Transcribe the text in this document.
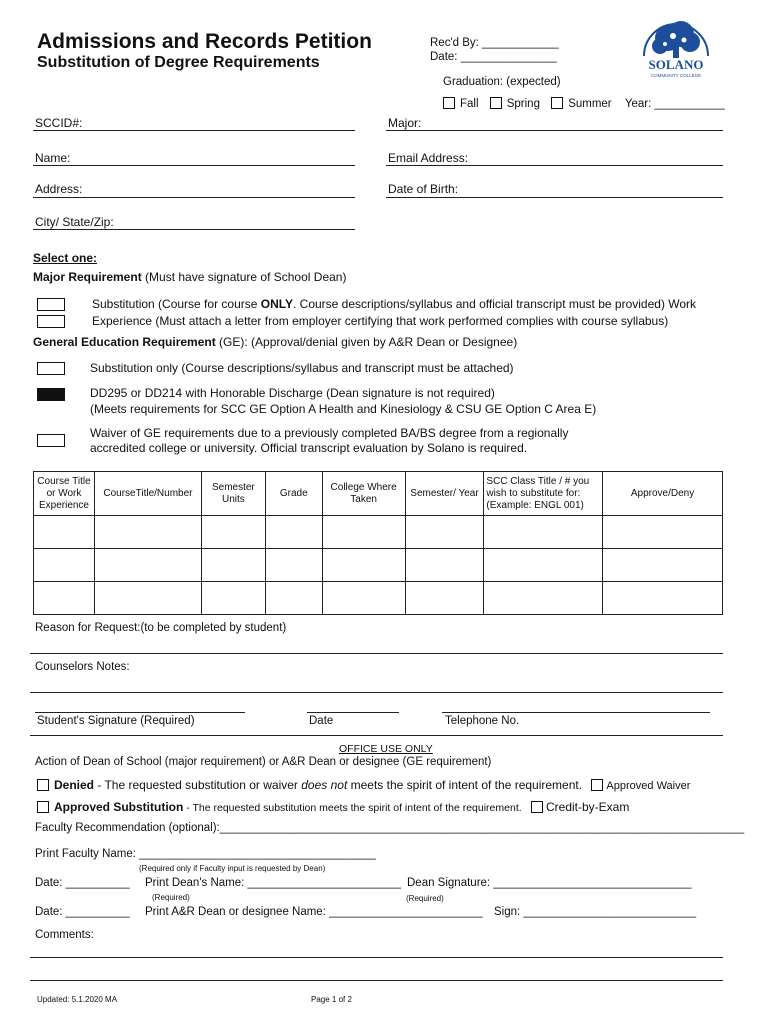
Admissions and Records Petition
Substitution of Degree Requirements
Rec'd By: ____________
Date: _______________	SOLANO
COMMUNITY COLLEGE
Graduation: (expected)
Fall Spring Summer Year: ___________
SCCID#:	Major:
Name:	Email Address:
Address:	Date of Birth:
City/ State/Zip:
Select one:
Major Requirement (Must have signature of School Dean)
Substitution (Course for course ONLY. Course descriptions/syllabus and official transcript must be provided) Work
Experience (Must attach a letter from employer certifying that work performed complies with course syllabus)
General Education Requirement (GE): (Approval/denial given by A&R Dean or Designee)
Substitution only (Course descriptions/syllabus and transcript must be attached)
DD295 or DD214 with Honorable Discharge (Dean signature is not required)
(Meets requirements for SCC GE Option A Health and Kinesiology & CSU GE Option C Area E)
Waiver of GE requirements due to a previously completed BA/BS degree from a regionally
accredited college or university. Official transcript evaluation by Solano is required.
Course Title or Work Experience	CourseTitle/Number	Semester Units	Grade	College Where Taken	Semester/ Year	SCC Class Title / # you wish to substitute for: (Example: ENGL 001)	Approve/Deny

Reason for Request:(to be completed by student)
Counselors Notes:
Student's Signature (Required)	Date	Telephone No.
OFFICE USE ONLY
Action of Dean of School (major requirement) or A&R Dean or designee (GE requirement)
Denied - The requested substitution or waiver does not meets the spirit of intent of the requirement. Approved Waiver
Approved Substitution - The requested substitution meets the spirit of intent of the requirement. Credit-by-Exam
Faculty Recommendation (optional):__________________________________________________________________________________
Print Faculty Name: _____________________________________
(Required only if Faculty input is requested by Dean)
Date: __________ Print Dean's Name: ________________________ Dean Signature: _______________________________
(Required)	(Required)
Date: __________ Print A&R Dean or designee Name: ________________________ Sign: ___________________________
Comments:
Updated: 5.1.2020 MA	Page 1 of 2
